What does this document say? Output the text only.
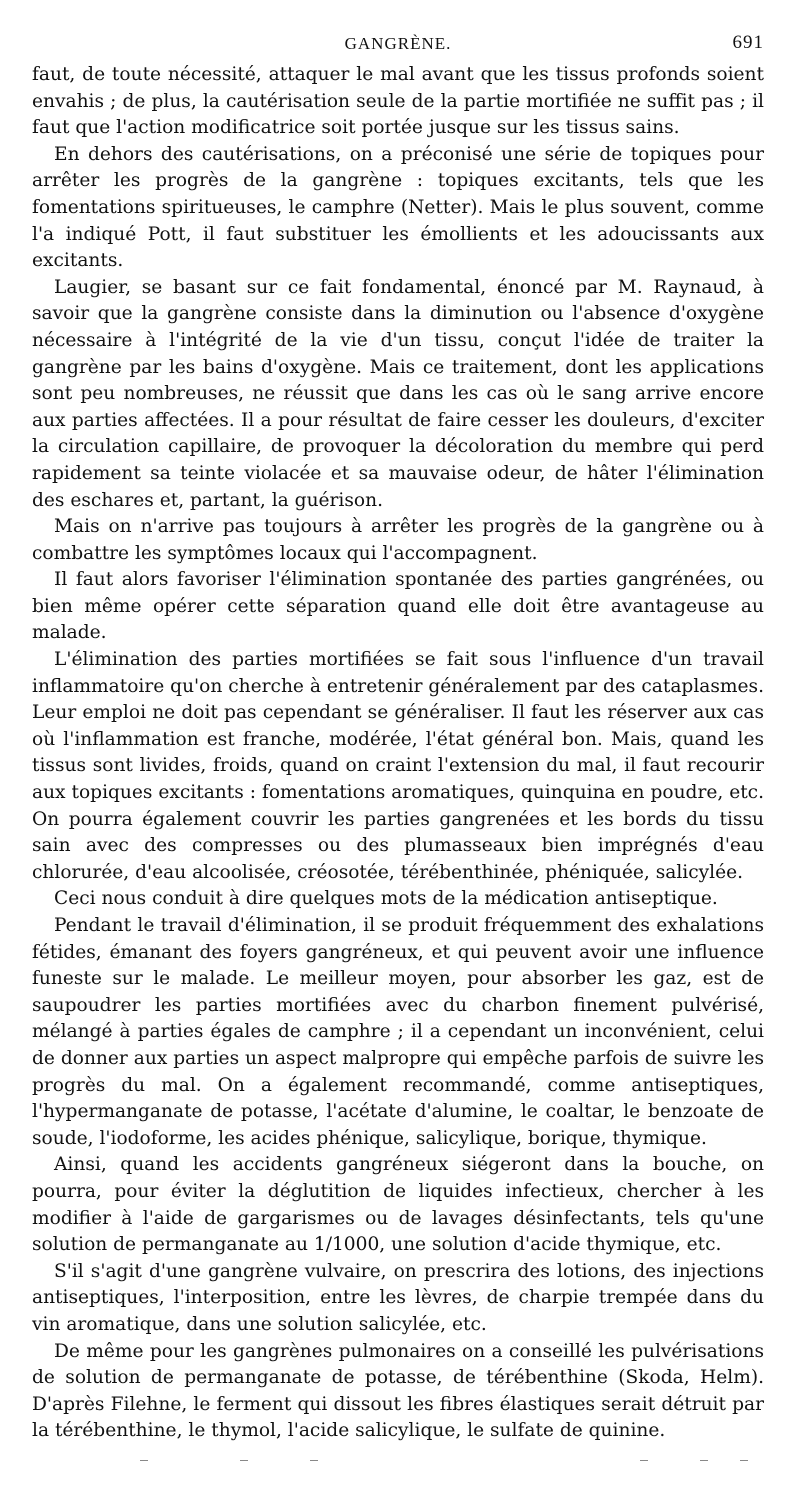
GANGRÈNE.	691

faut, de toute nécessité, attaquer le mal avant que les tissus profonds soient envahis ; de plus, la cautérisation seule de la partie mortifiée ne suffit pas ; il faut que l'action modificatrice soit portée jusque sur les tissus sains.

En dehors des cautérisations, on a préconisé une série de topiques pour arrêter les progrès de la gangrène : topiques excitants, tels que les fomentations spiritueuses, le camphre (Netter). Mais le plus souvent, comme l'a indiqué Pott, il faut substituer les émollients et les adoucissants aux excitants.

Laugier, se basant sur ce fait fondamental, énoncé par M. Raynaud, à savoir que la gangrène consiste dans la diminution ou l'absence d'oxygène nécessaire à l'intégrité de la vie d'un tissu, conçut l'idée de traiter la gangrène par les bains d'oxygène. Mais ce traitement, dont les applications sont peu nombreuses, ne réussit que dans les cas où le sang arrive encore aux parties affectées. Il a pour résultat de faire cesser les douleurs, d'exciter la circulation capillaire, de provoquer la décoloration du membre qui perd rapidement sa teinte violacée et sa mauvaise odeur, de hâter l'élimination des eschares et, partant, la guérison.

Mais on n'arrive pas toujours à arrêter les progrès de la gangrène ou à combattre les symptômes locaux qui l'accompagnent.

Il faut alors favoriser l'élimination spontanée des parties gangrénées, ou bien même opérer cette séparation quand elle doit être avantageuse au malade.

L'élimination des parties mortifiées se fait sous l'influence d'un travail inflammatoire qu'on cherche à entretenir généralement par des cataplasmes. Leur emploi ne doit pas cependant se généraliser. Il faut les réserver aux cas où l'inflammation est franche, modérée, l'état général bon. Mais, quand les tissus sont livides, froids, quand on craint l'extension du mal, il faut recourir aux topiques excitants : fomentations aromatiques, quinquina en poudre, etc. On pourra également couvrir les parties gangrenées et les bords du tissu sain avec des compresses ou des plumasseaux bien imprégnés d'eau chlorurée, d'eau alcoolisée, créosotée, térébenthinée, phéniquée, salicylée.

Ceci nous conduit à dire quelques mots de la médication antiseptique.

Pendant le travail d'élimination, il se produit fréquemment des exhalations fétides, émanant des foyers gangréneux, et qui peuvent avoir une influence funeste sur le malade. Le meilleur moyen, pour absorber les gaz, est de saupoudrer les parties mortifiées avec du charbon finement pulvérisé, mélangé à parties égales de camphre ; il a cependant un inconvénient, celui de donner aux parties un aspect malpropre qui empêche parfois de suivre les progrès du mal. On a également recommandé, comme antiseptiques, l'hypermanganate de potasse, l'acétate d'alumine, le coaltar, le benzoate de soude, l'iodoforme, les acides phénique, salicylique, borique, thymique.

Ainsi, quand les accidents gangréneux siégeront dans la bouche, on pourra, pour éviter la déglutition de liquides infectieux, chercher à les modifier à l'aide de gargarismes ou de lavages désinfectants, tels qu'une solution de permanganate au 1/1000, une solution d'acide thymique, etc.

S'il s'agit d'une gangrène vulvaire, on prescrira des lotions, des injections antiseptiques, l'interposition, entre les lèvres, de charpie trempée dans du vin aromatique, dans une solution salicylée, etc.

De même pour les gangrènes pulmonaires on a conseillé les pulvérisations de solution de permanganate de potasse, de térébenthine (Skoda, Helm). D'après Filehne, le ferment qui dissout les fibres élastiques serait détruit par la térébenthine, le thymol, l'acide salicylique, le sulfate de quinine.
